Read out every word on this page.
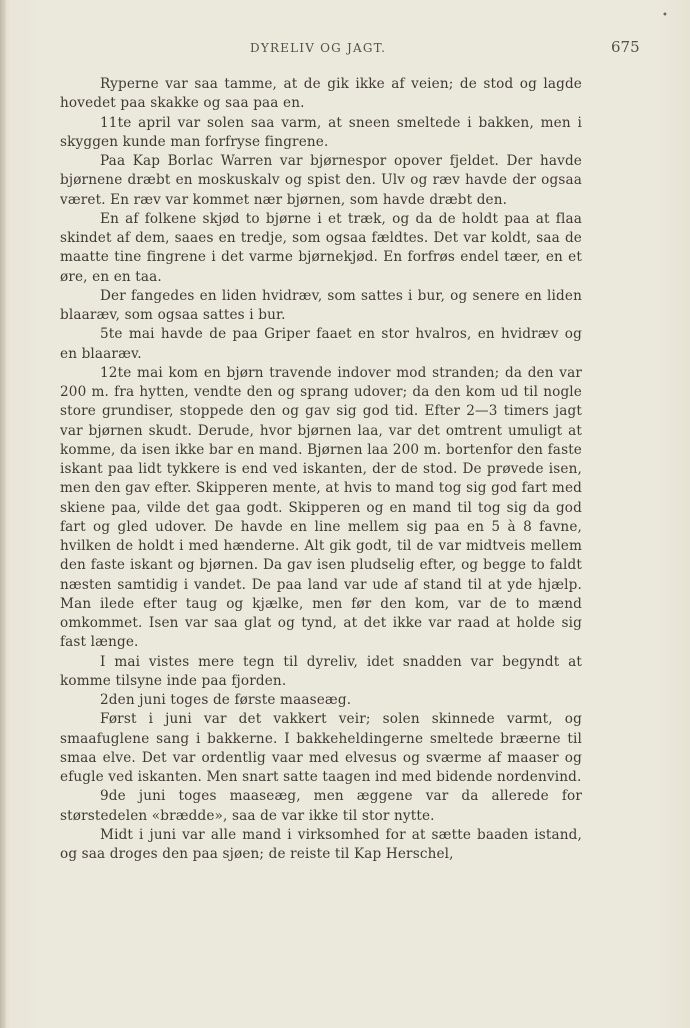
•
DYRELIV OG JAGT.	675

Ryperne var saa tamme, at de gik ikke af veien; de stod og lagde hovedet paa skakke og saa paa en.

11te april var solen saa varm, at sneen smeltede i bakken, men i skyggen kunde man forfryse fingrene.

Paa Kap Borlac Warren var bjørnespor opover fjeldet. Der havde bjørnene dræbt en moskuskalv og spist den. Ulv og ræv havde der ogsaa været. En ræv var kommet nær bjørnen, som havde dræbt den.

En af folkene skjød to bjørne i et træk, og da de holdt paa at flaa skindet af dem, saaes en tredje, som ogsaa fældtes. Det var koldt, saa de maatte tine fingrene i det varme bjørnekjød. En forfrøs endel tæer, en et øre, en en taa.

Der fangedes en liden hvidræv, som sattes i bur, og senere en liden blaaræv, som ogsaa sattes i bur.

5te mai havde de paa Griper faaet en stor hvalros, en hvidræv og en blaaræv.

12te mai kom en bjørn travende indover mod stranden; da den var 200 m. fra hytten, vendte den og sprang udover; da den kom ud til nogle store grundiser, stoppede den og gav sig god tid. Efter 2—3 timers jagt var bjørnen skudt. Derude, hvor bjørnen laa, var det omtrent umuligt at komme, da isen ikke bar en mand. Bjørnen laa 200 m. bortenfor den faste iskant paa lidt tykkere is end ved iskanten, der de stod. De prøvede isen, men den gav efter. Skipperen mente, at hvis to mand tog sig god fart med skiene paa, vilde det gaa godt. Skipperen og en mand til tog sig da god fart og gled udover. De havde en line mellem sig paa en 5 à 8 favne, hvilken de holdt i med hænderne. Alt gik godt, til de var midtveis mellem den faste iskant og bjørnen. Da gav isen pludselig efter, og begge to faldt næsten samtidig i vandet. De paa land var ude af stand til at yde hjælp. Man ilede efter taug og kjælke, men før den kom, var de to mænd omkommet. Isen var saa glat og tynd, at det ikke var raad at holde sig fast længe.

I mai vistes mere tegn til dyreliv, idet snadden var begyndt at komme tilsyne inde paa fjorden.

2den juni toges de første maaseæg.

Først i juni var det vakkert veir; solen skinnede varmt, og smaafuglene sang i bakkerne. I bakkeheldingerne smeltede bræerne til smaa elve. Det var ordentlig vaar med elvesus og sværme af maaser og efugle ved iskanten. Men snart satte taagen ind med bidende nordenvind.

9de juni toges maaseæg, men æggene var da allerede for størstedelen «brædde», saa de var ikke til stor nytte.

Midt i juni var alle mand i virksomhed for at sætte baaden istand, og saa droges den paa sjøen; de reiste til Kap Herschel,
